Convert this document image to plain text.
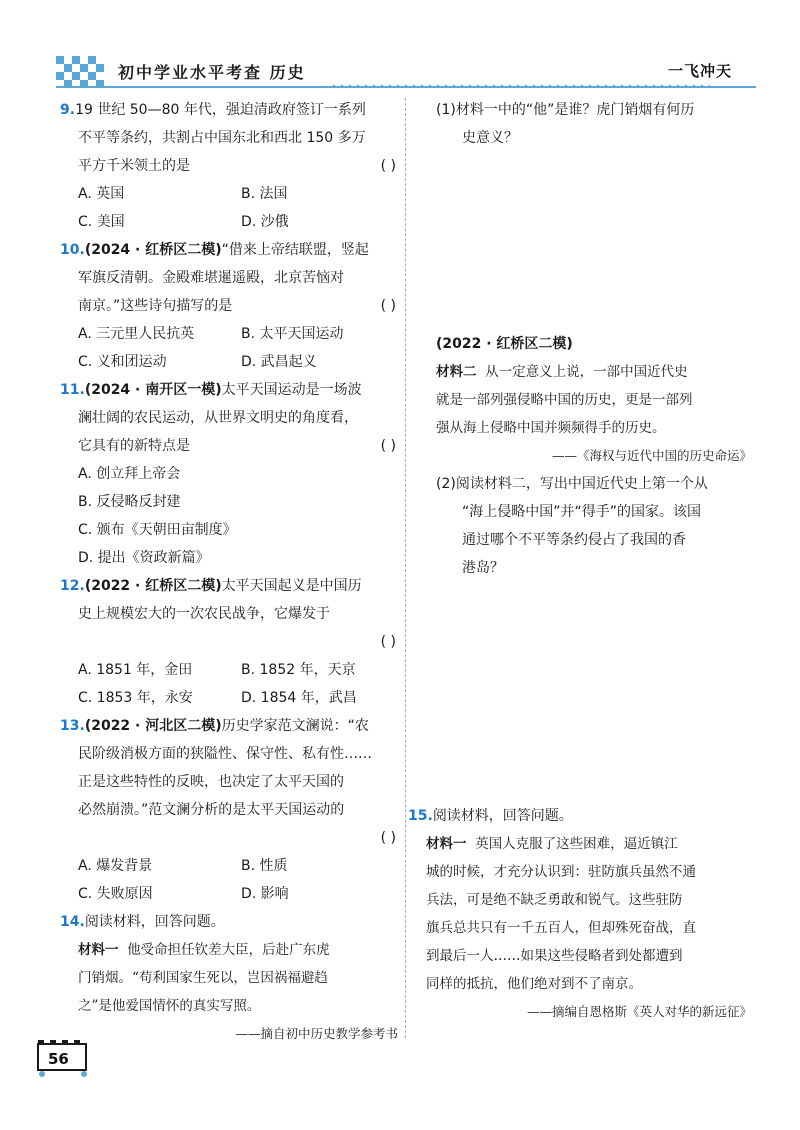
初中学业水平考查 历史	一飞冲天
9.19 世纪 50—80 年代，强迫清政府签订一系列
不平等条约，共割占中国东北和西北 150 多万
平方千米领土的是	( )
A. 英国	B. 法国
C. 美国	D. 沙俄
10.(2024 · 红桥区二模)“借来上帝结联盟，竖起
军旗反清朝。金殿难堪暹遥殿，北京苦恼对
南京。”这些诗句描写的是	( )
A. 三元里人民抗英	B. 太平天国运动
C. 义和团运动	D. 武昌起义
11.(2024 · 南开区一模)太平天国运动是一场波
澜壮阔的农民运动，从世界文明史的角度看，
它具有的新特点是	( )
A. 创立拜上帝会
B. 反侵略反封建
C. 颁布《天朝田亩制度》
D. 提出《资政新篇》
12.(2022 · 红桥区二模)太平天国起义是中国历
史上规模宏大的一次农民战争，它爆发于
( )
A. 1851 年，金田	B. 1852 年，天京
C. 1853 年，永安	D. 1854 年，武昌
13.(2022 · 河北区二模)历史学家范文澜说：“农
民阶级消极方面的狭隘性、保守性、私有性……
正是这些特性的反映，也决定了太平天国的
必然崩溃。”范文澜分析的是太平天国运动的
( )
A. 爆发背景	B. 性质
C. 失败原因	D. 影响
14.阅读材料，回答问题。
材料一 他受命担任钦差大臣，后赴广东虎
门销烟。“苟利国家生死以，岂因祸福避趋
之”是他爱国情怀的真实写照。
——摘自初中历史教学参考书
(1)材料一中的“他”是谁？虎门销烟有何历
史意义？
(2022 · 红桥区二模)
材料二 从一定意义上说，一部中国近代史
就是一部列强侵略中国的历史，更是一部列
强从海上侵略中国并频频得手的历史。
——《海权与近代中国的历史命运》
(2)阅读材料二，写出中国近代史上第一个从
“海上侵略中国”并“得手”的国家。该国
通过哪个不平等条约侵占了我国的香
港岛？
15.阅读材料，回答问题。
材料一 英国人克服了这些困难，逼近镇江
城的时候，才充分认识到：驻防旗兵虽然不通
兵法，可是绝不缺乏勇敢和锐气。这些驻防
旗兵总共只有一千五百人，但却殊死奋战，直
到最后一人……如果这些侵略者到处都遭到
同样的抵抗，他们绝对到不了南京。
——摘编自恩格斯《英人对华的新远征》
56
